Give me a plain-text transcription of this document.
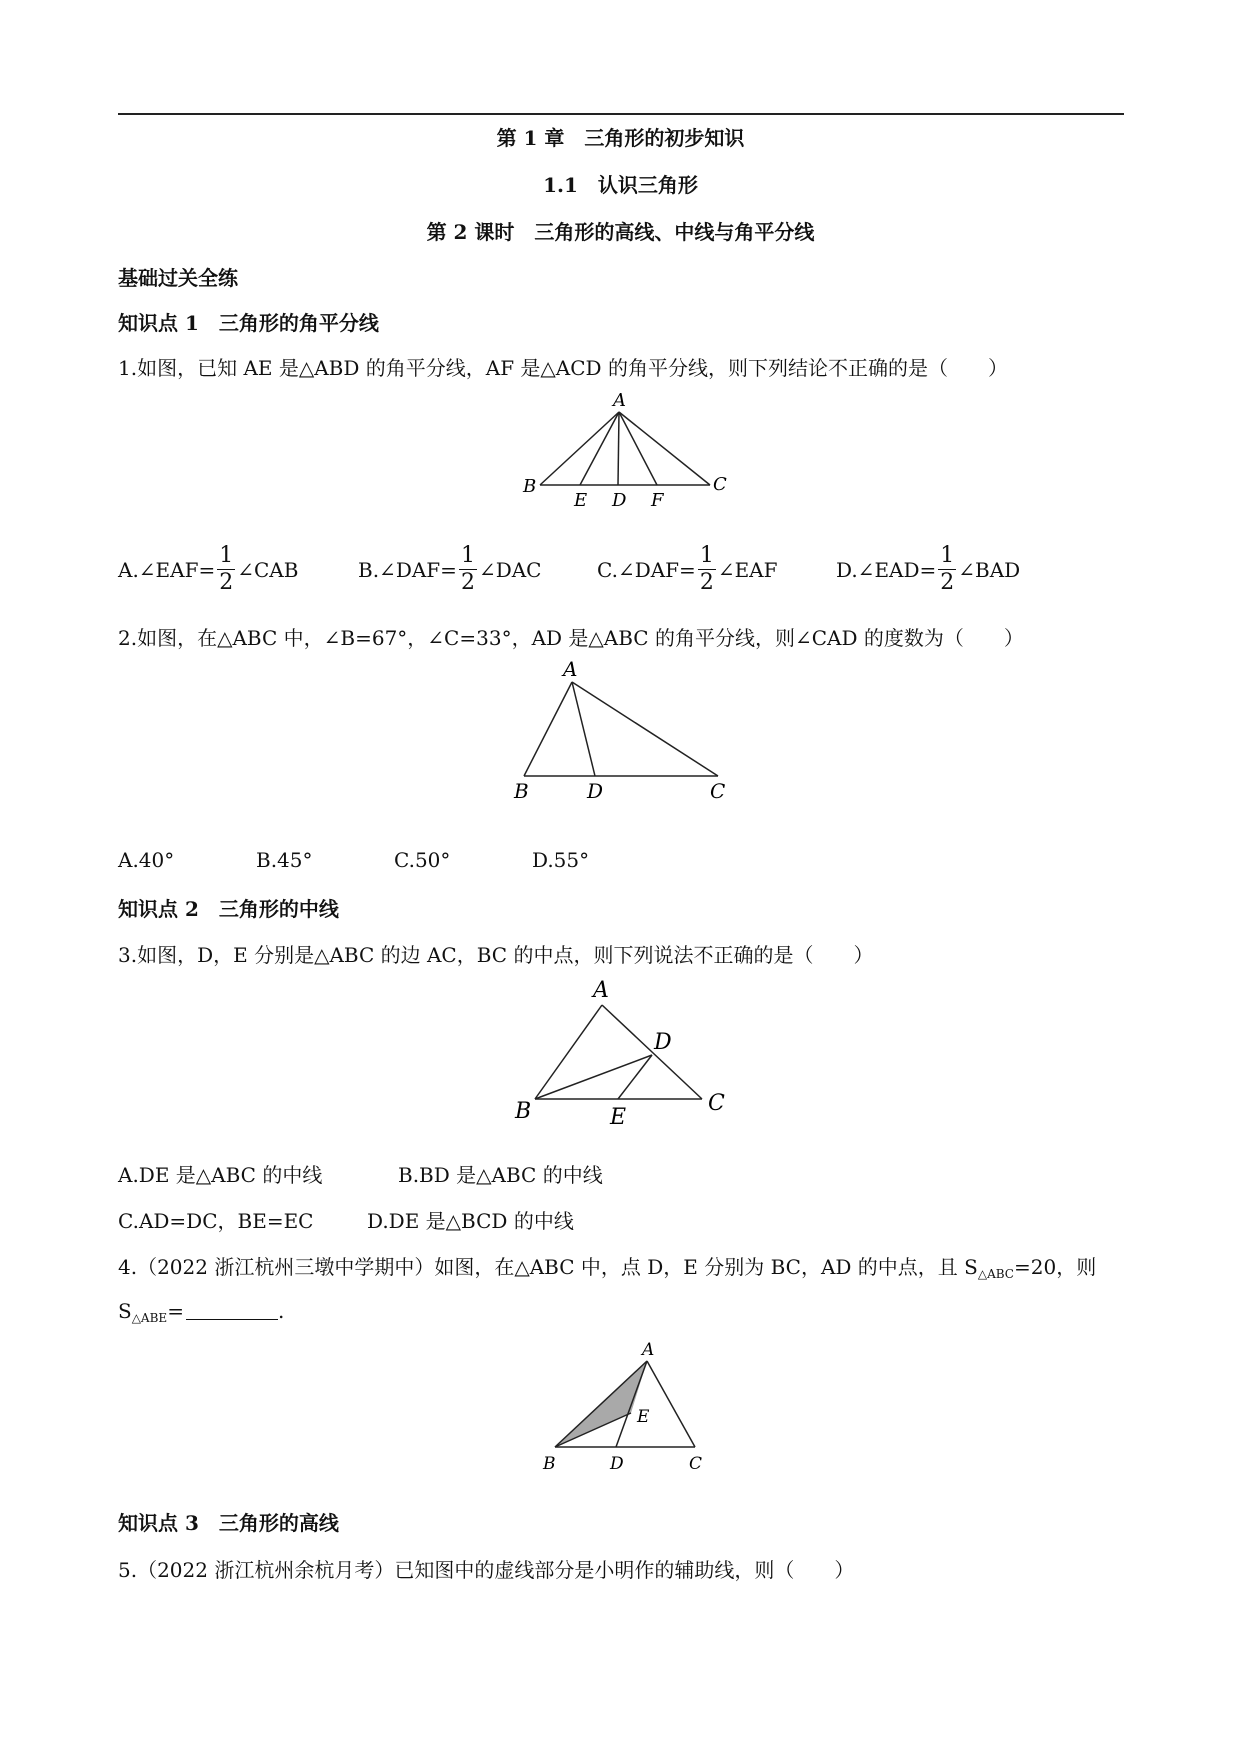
第 1 章　三角形的初步知识
1.1　认识三角形
第 2 课时　三角形的高线、中线与角平分线
基础过关全练
知识点 1　三角形的角平分线
1.如图，已知 AE 是△ABD 的角平分线，AF 是△ACD 的角平分线，则下列结论不正确的是（　　）
A
B
E D F
C
A.∠EAF= $\frac{1}{2}$ ∠CAB	B.∠DAF= $\frac{1}{2}$ ∠DAC	C.∠DAF= $\frac{1}{2}$ ∠EAF	D.∠EAD= $\frac{1}{2}$ ∠BAD
2.如图，在△ABC 中，∠B=67°，∠C=33°，AD 是△ABC 的角平分线，则∠CAD 的度数为（　　）
A
B	D	C
A.40°	B.45°	C.50°	D.55°
知识点 2　三角形的中线
3.如图，D，E 分别是△ABC 的边 AC，BC 的中点，则下列说法不正确的是（　　）
A
B	C
D
E
A.DE 是△ABC 的中线	B.BD 是△ABC 的中线
C.AD=DC，BE=EC	D.DE 是△BCD 的中线
4.（2022 浙江杭州三墩中学期中）如图，在△ABC 中，点 D，E 分别为 BC，AD 的中点，且 $S_{\triangle ABC}=20$，则
$S_{\triangle ABE}=$	.
A
B	D	C
E
知识点 3　三角形的高线
5.（2022 浙江杭州余杭月考）已知图中的虚线部分是小明作的辅助线，则（　　）
